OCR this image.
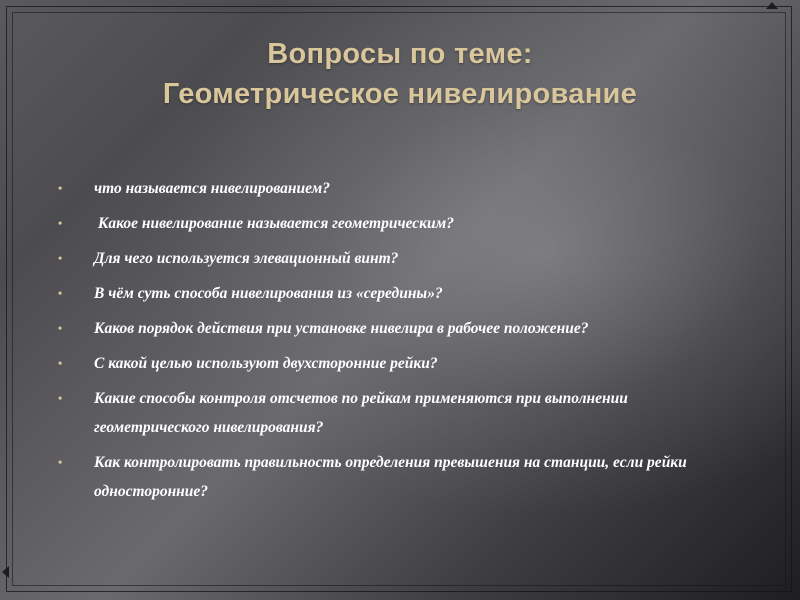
Вопросы по теме:
Геометрическое нивелирование
• что называется нивелированием?
• Какое нивелирование называется геометрическим?
• Для чего используется элевационный винт?
• В чём суть способа нивелирования из «середины»?
• Каков порядок действия при установке нивелира в рабочее положение?
• С какой целью используют двухсторонние рейки?
• Какие способы контроля отсчетов по рейкам применяются при выполнении геометрического нивелирования?
• Как контролировать правильность определения превышения на станции, если рейки односторонние?
